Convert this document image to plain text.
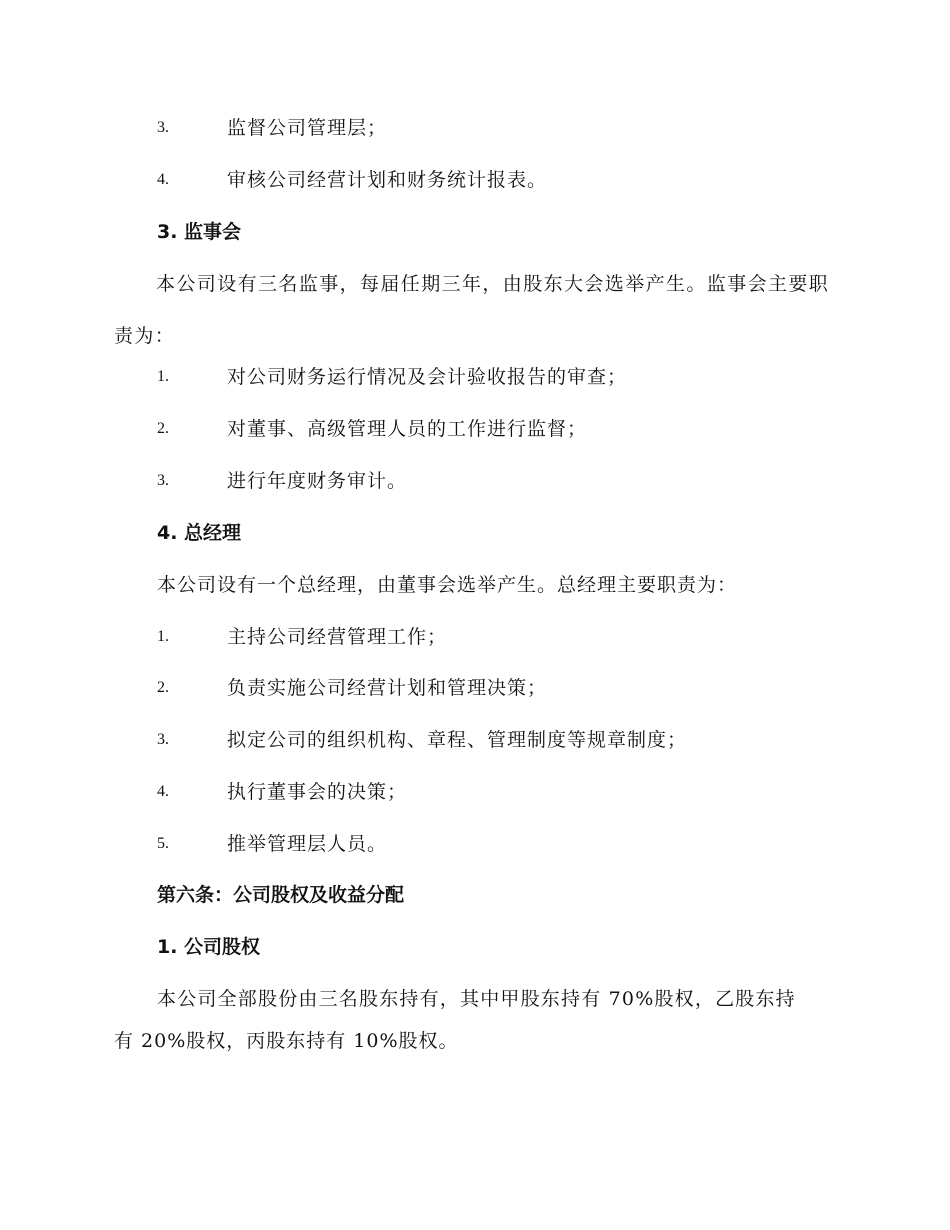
3.	监督公司管理层；
4.	审核公司经营计划和财务统计报表。
3. 监事会
本公司设有三名监事，每届任期三年，由股东大会选举产生。监事会主要职责为：
1.	对公司财务运行情况及会计验收报告的审查；
2.	对董事、高级管理人员的工作进行监督；
3.	进行年度财务审计。
4. 总经理
本公司设有一个总经理，由董事会选举产生。总经理主要职责为：
1.	主持公司经营管理工作；
2.	负责实施公司经营计划和管理决策；
3.	拟定公司的组织机构、章程、管理制度等规章制度；
4.	执行董事会的决策；
5.	推举管理层人员。
第六条：公司股权及收益分配
1. 公司股权
本公司全部股份由三名股东持有，其中甲股东持有 70%股权，乙股东持
有 20%股权，丙股东持有 10%股权。
